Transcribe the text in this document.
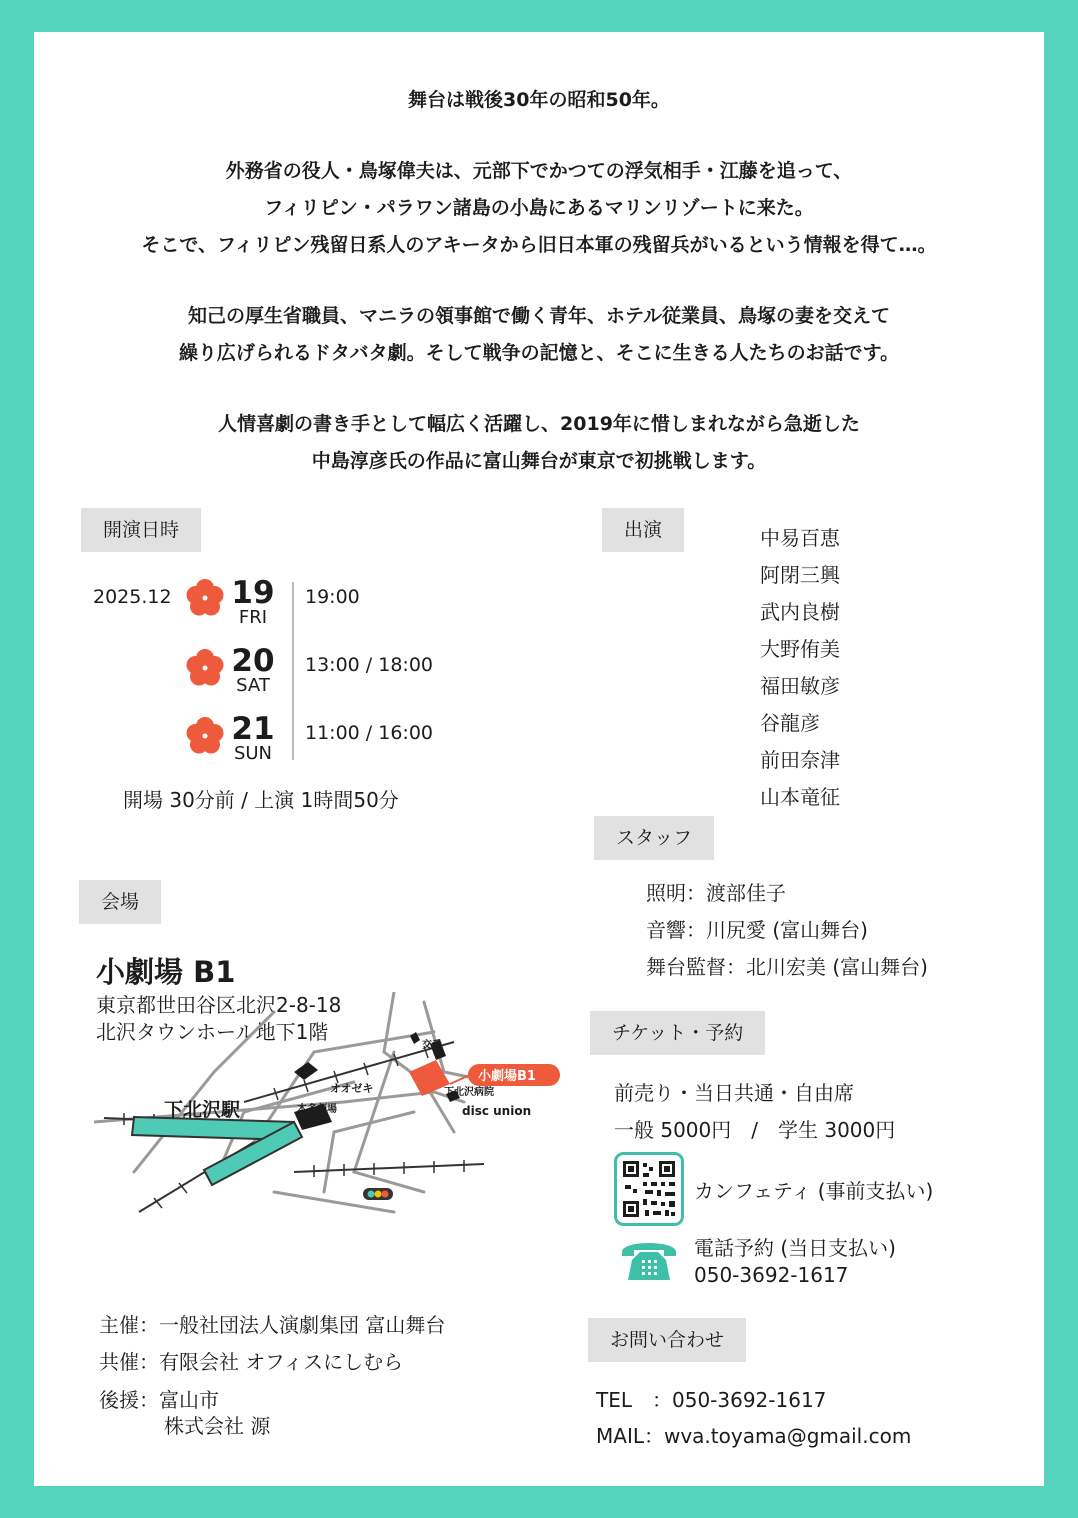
舞台は戦後30年の昭和50年。

外務省の役人・鳥塚偉夫は、元部下でかつての浮気相手・江藤を追って、

フィリピン・パラワン諸島の小島にあるマリンリゾートに来た。

そこで、フィリピン残留日系人のアキータから旧日本軍の残留兵がいるという情報を得て…。

知己の厚生省職員、マニラの領事館で働く青年、ホテル従業員、鳥塚の妻を交えて

繰り広げられるドタバタ劇。そして戦争の記憶と、そこに生きる人たちのお話です。

人情喜劇の書き手として幅広く活躍し、2019年に惜しまれながら急逝した

中島淳彦氏の作品に富山舞台が東京で初挑戦します。

開演日時
2025.12 19
FRI
19:00
20
SAT
13:00 / 18:00
21
SUN
11:00 / 16:00
開場 30分前 / 上演 1時間50分
出演	中易百恵
阿閉三興
武内良樹
大野侑美
福田敏彦
谷龍彦
前田奈津
山本竜征
スタッフ
照明：渡部佳子
音響：川尻愛 (富山舞台)
舞台監督：北川宏美 (富山舞台)
会場
小劇場 B1
東京都世田谷区北沢2-8-18
北沢タウンホール地下1階
下北沢駅	本多劇場
オオゼキ
交番
下北沢病院
disc union
小劇場B1
チケット・予約
前売り・当日共通・自由席
一般 5000円　/　学生 3000円
カンフェティ (事前支払い)
電話予約 (当日支払い)
050-3692-1617
お問い合わせ
TEL　：050-3692-1617
MAIL：wva.toyama@gmail.com
主催：一般社団法人演劇集団 富山舞台
共催：有限会社 オフィスにしむら
後援：富山市
株式会社 源
